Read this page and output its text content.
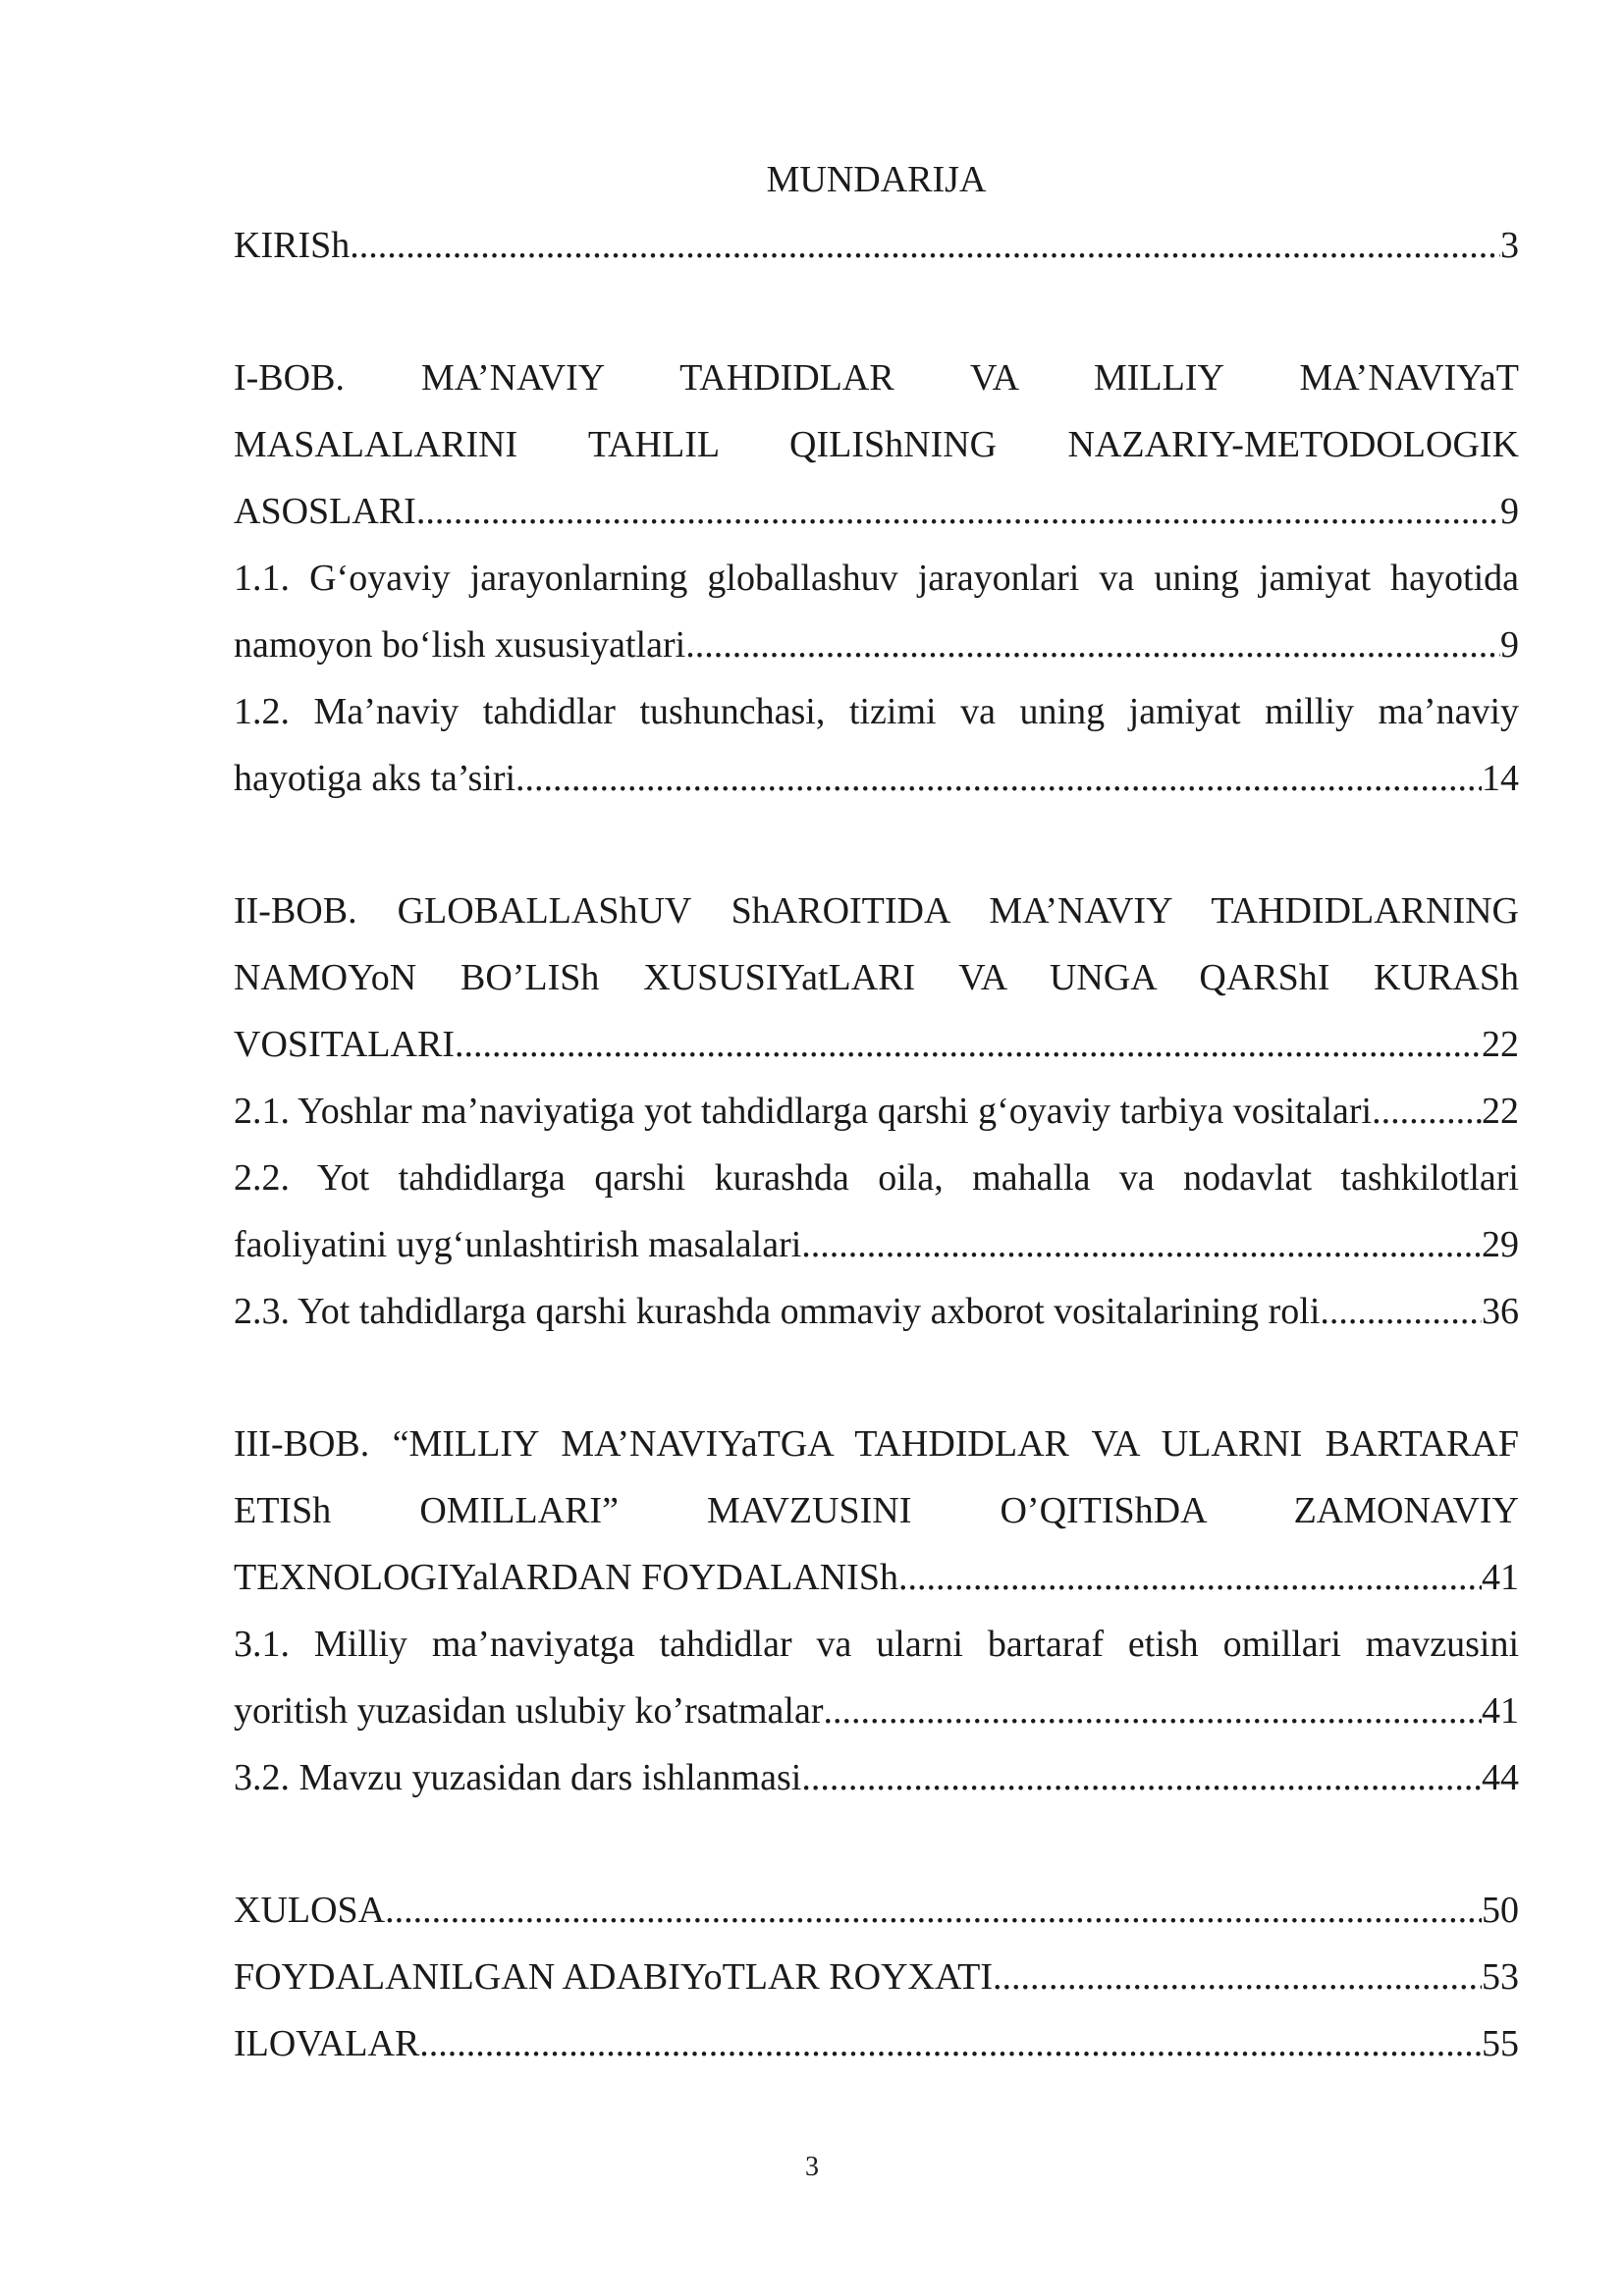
MUNDARIJA
KIRISh .....	3
I-BOB. MA’NAVIY TAHDIDLAR VA MILLIY MA’NAVIYaT
MASALALARINI TAHLIL QILIShNING NAZARIY-METODOLOGIK
ASOSLARI .....	9
1.1. G‘oyaviy jarayonlarning globallashuv jarayonlari va uning jamiyat hayotida
namoyon bo‘lish xususiyatlari .....	9
1.2. Ma’naviy tahdidlar tushunchasi, tizimi va uning jamiyat milliy ma’naviy
hayotiga aks ta’siri. .....	14
II-BOB. GLOBALLAShUV ShAROITIDA MA’NAVIY TAHDIDLARNING
NAMOYoN BO’LISh XUSUSIYatLARI VA UNGA QARShI KURASh
VOSITALARI .....	22
2.1. Yoshlar ma’naviyatiga yot tahdidlarga qarshi g‘oyaviy tarbiya vositalari .....	22
2.2. Yot tahdidlarga qarshi kurashda oila, mahalla va nodavlat tashkilotlari
faoliyatini uyg‘unlashtirish masalalari .....	29
2.3. Yot tahdidlarga qarshi kurashda ommaviy axborot vositalarining roli .....	36
III-BOB. “MILLIY MA’NAVIYaTGA TAHDIDLAR VA ULARNI BARTARAF
ETISh OMILLARI” MAVZUSINI O’QITIShDA ZAMONAVIY
TEXNOLOGIYalARDAN FOYDALANISh .....	41
3.1. Milliy ma’naviyatga tahdidlar va ularni bartaraf etish omillari mavzusini
yoritish yuzasidan uslubiy ko’rsatmalar .....	41
3.2. Mavzu yuzasidan dars ishlanmasi .....	44
XULOSA .....	50
FOYDALANILGAN ADABIYoTLAR ROYXATI .....	53
ILOVALAR .....	55
3
